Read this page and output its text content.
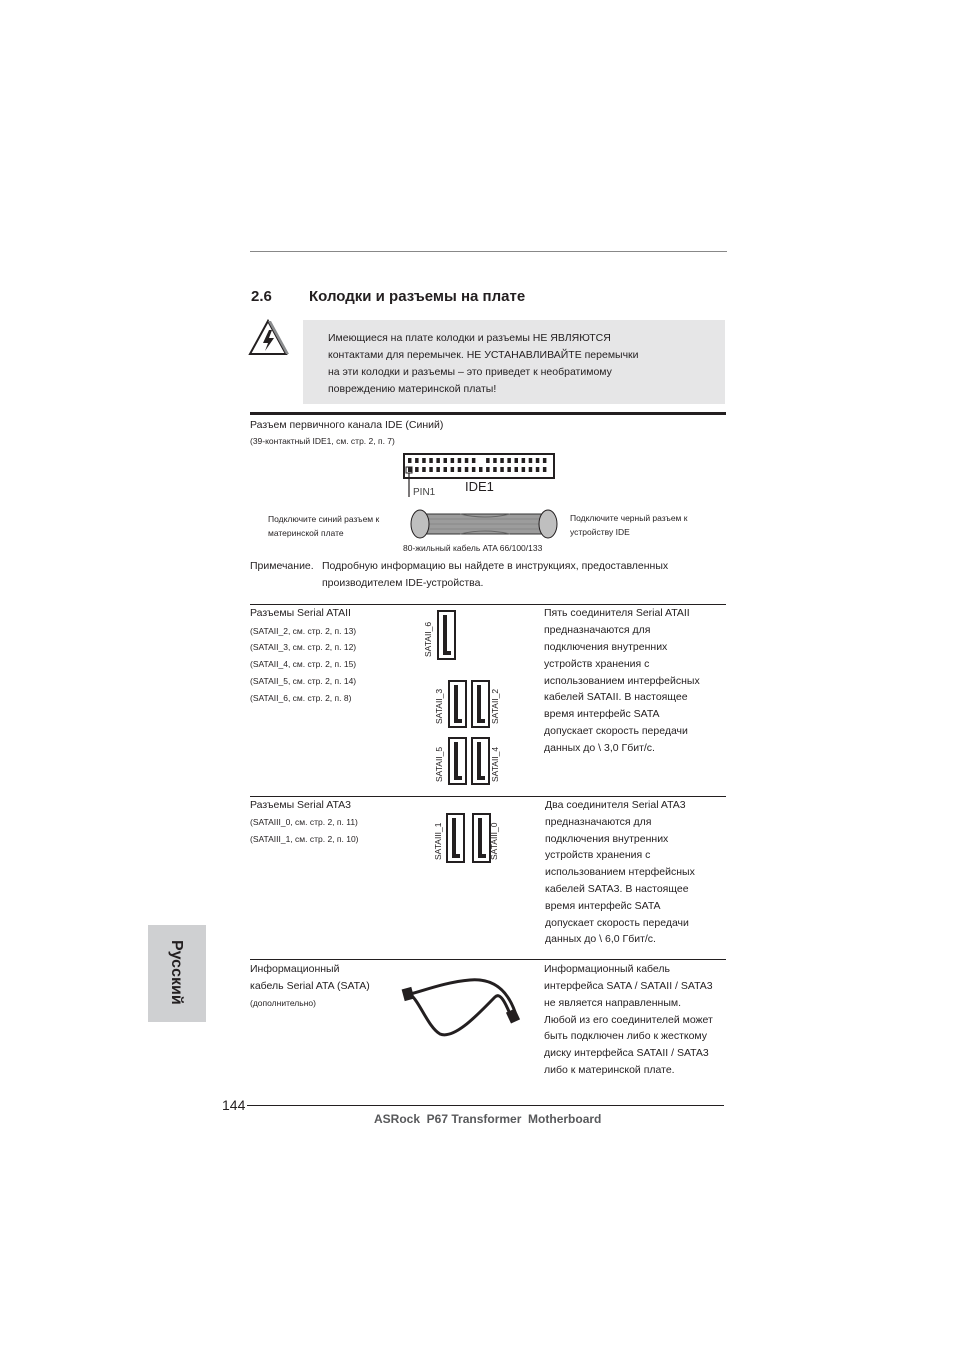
2.6 Колодки и разъемы на плате
Имеющиеся на плате колодки и разъемы НЕ ЯВЛЯЮТСЯ
контактами для перемычек. НЕ УСТАНАВЛИВАЙТЕ перемычки
на эти колодки и разъемы – это приведет к необратимому
повреждению материнской платы!
Разъем первичного канала IDE (Синий)
(39-контактный IDE1, см. стр. 2, п. 7)
PIN1 IDE1
Подключите синий разъем к
материнской плате
Подключите черный разъем к
устройству IDE
80-жильный кабель ATA 66/100/133
Примечание. Подробную информацию вы найдете в инструкциях, предоставленных
производителем IDE-устройства.
Разъемы Serial ATAII
(SATAII_2, см. стр. 2, п. 13)
(SATAII_3, см. стр. 2, п. 12)
(SATAII_4, см. стр. 2, п. 15)
(SATAII_5, см. стр. 2, п. 14)
(SATAII_6, см. стр. 2, п. 8)
SATAII_6
SATAII_3	SATAII_2
SATAII_5	SATAII_4
Пять соединителя Serial ATAII
предназначаются для
подключения внутренних
устройств хранения с
использованием интерфейсных
кабелей SATAII. В настоящее
время интерфейс SATA
допускает скорость передачи
данных до \ 3,0 Гбит/с.
Разъемы Serial ATA3
(SATAIII_0, см. стр. 2, п. 11)
(SATAIII_1, см. стр. 2, п. 10)	SATAIII_1	SATAIII_0
Два соединителя Serial ATA3
предназначаются для
подключения внутренних
устройств хранения с
использованием нтерфейсных
кабелей SATA3. В настоящее
время интерфейс SATA
допускает скорость передачи
данных до \ 6,0 Гбит/с.
Информационный
кабель Serial ATA (SATA)
(дополнительно)
Информационный кабель
интерфейса SATA / SATAII / SATA3
не является направленным.
Любой из его соединителей может
быть подключен либо к жесткому
диску интерфейса SATAII / SATA3
либо к материнской плате.
Русский
144
ASRock  P67 Transformer  Motherboard
